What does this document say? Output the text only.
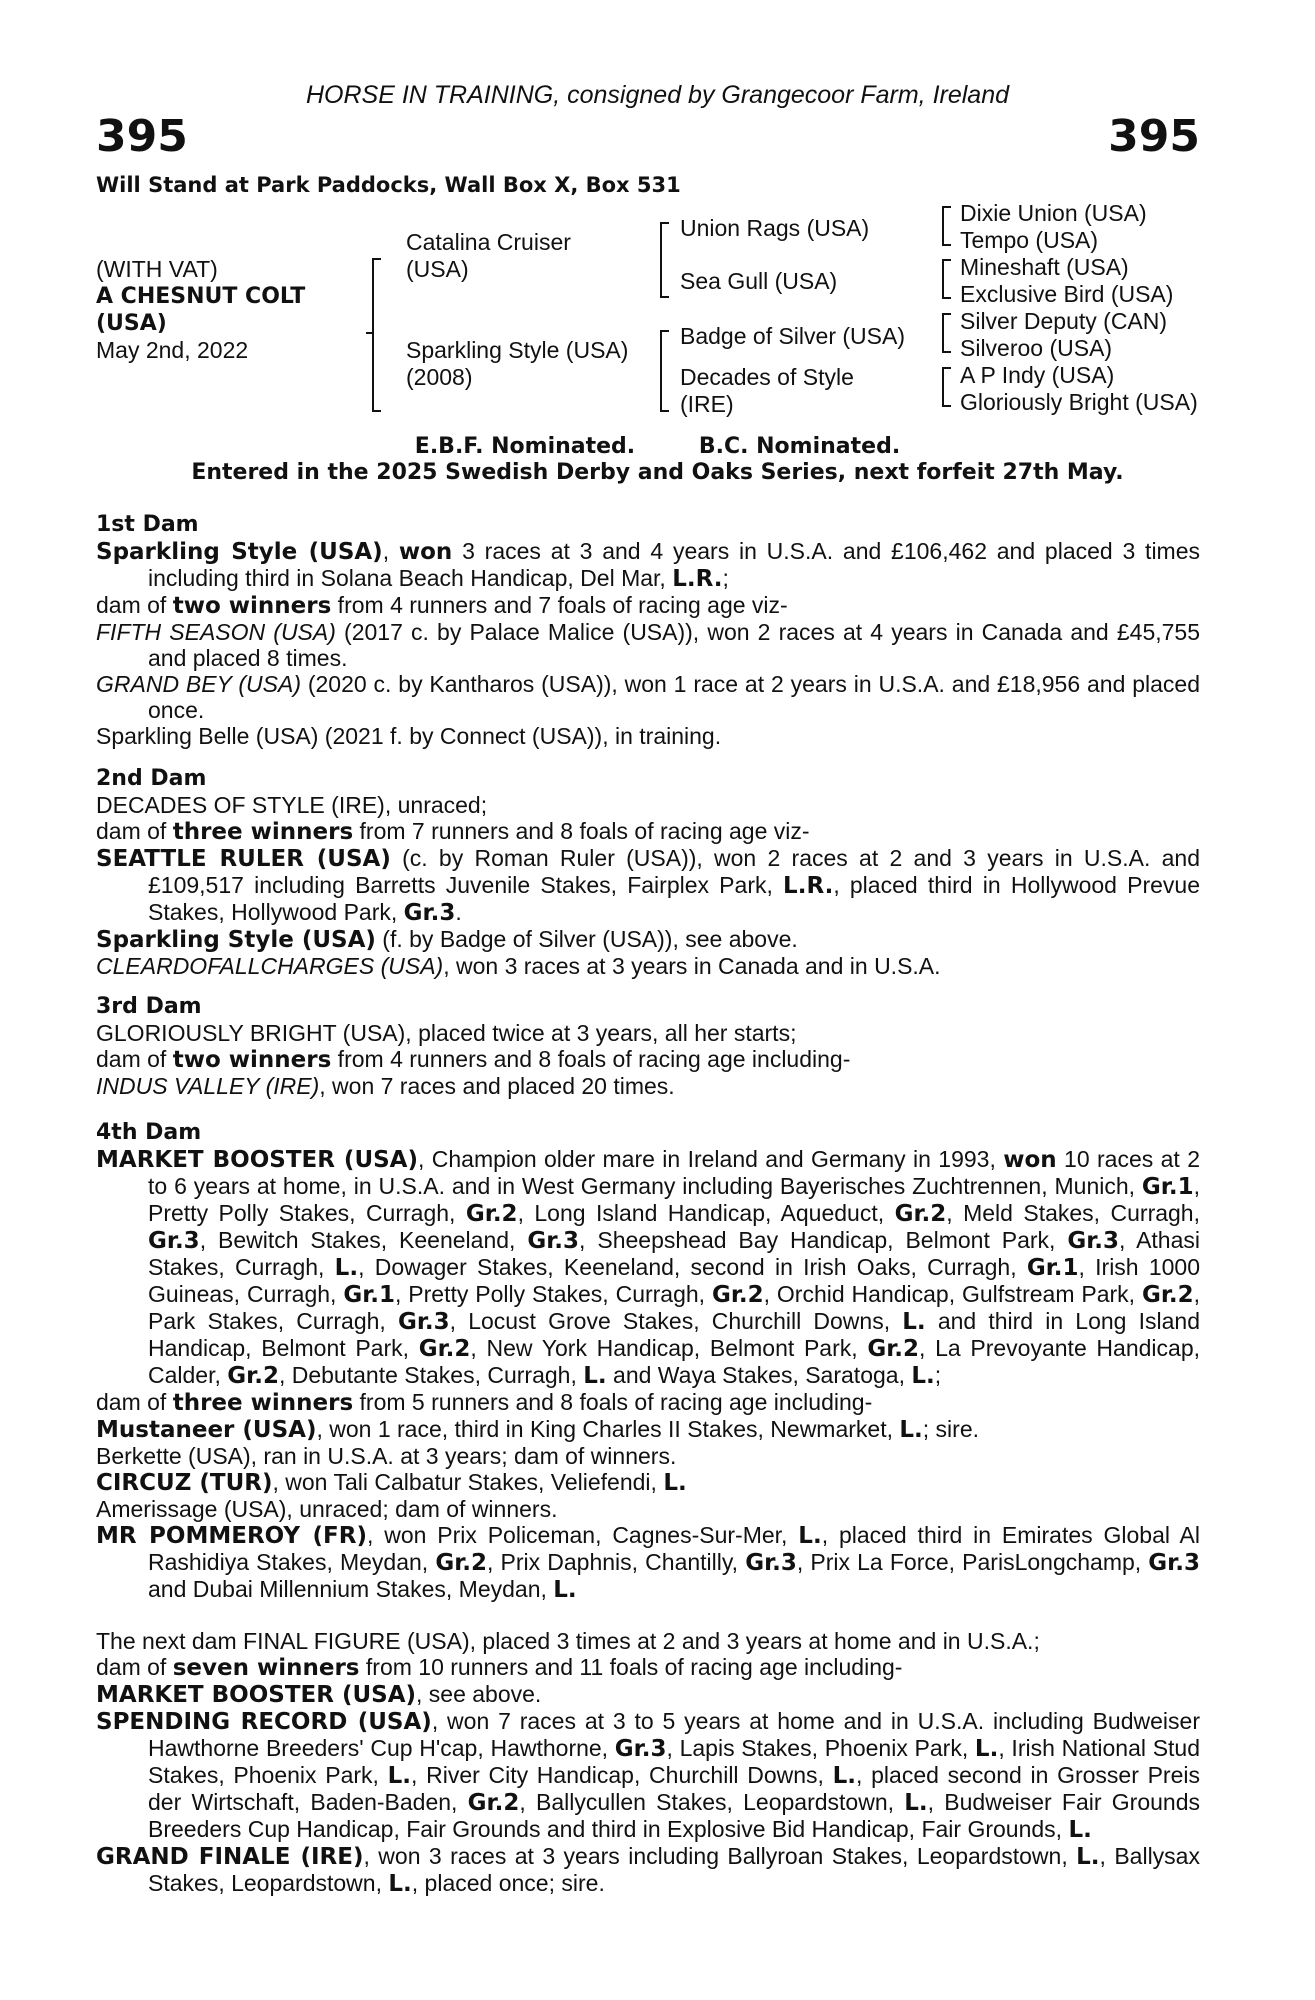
HORSE IN TRAINING, consigned by Grangecoor Farm, Ireland
395	395
Will Stand at Park Paddocks, Wall Box X, Box 531
(WITH VAT)
A CHESNUT COLT
(USA)
May 2nd, 2022
Catalina Cruiser
(USA)
Sparkling Style (USA)
(2008)
Union Rags (USA)
Sea Gull (USA)
Badge of Silver (USA)
Decades of Style
(IRE)
Dixie Union (USA)
Tempo (USA)
Mineshaft (USA)
Exclusive Bird (USA)
Silver Deputy (CAN)
Silveroo (USA)
A P Indy (USA)
Gloriously Bright (USA)
E.B.F. Nominated.	B.C. Nominated.
Entered in the 2025 Swedish Derby and Oaks Series, next forfeit 27th May.
1st Dam

Sparkling Style (USA), won 3 races at 3 and 4 years in U.S.A. and £106,462 and placed 3 times including third in Solana Beach Handicap, Del Mar, L.R.;

dam of two winners from 4 runners and 7 foals of racing age viz-

FIFTH SEASON (USA) (2017 c. by Palace Malice (USA)), won 2 races at 4 years in Canada and £45,755 and placed 8 times.

GRAND BEY (USA) (2020 c. by Kantharos (USA)), won 1 race at 2 years in U.S.A. and £18,956 and placed once.

Sparkling Belle (USA) (2021 f. by Connect (USA)), in training.

2nd Dam

DECADES OF STYLE (IRE), unraced;

dam of three winners from 7 runners and 8 foals of racing age viz-

SEATTLE RULER (USA) (c. by Roman Ruler (USA)), won 2 races at 2 and 3 years in U.S.A. and £109,517 including Barretts Juvenile Stakes, Fairplex Park, L.R., placed third in Hollywood Prevue Stakes, Hollywood Park, Gr.3.

Sparkling Style (USA) (f. by Badge of Silver (USA)), see above.

CLEARDOFALLCHARGES (USA), won 3 races at 3 years in Canada and in U.S.A.

3rd Dam

GLORIOUSLY BRIGHT (USA), placed twice at 3 years, all her starts;

dam of two winners from 4 runners and 8 foals of racing age including-

INDUS VALLEY (IRE), won 7 races and placed 20 times.

4th Dam

MARKET BOOSTER (USA), Champion older mare in Ireland and Germany in 1993, won 10 races at 2 to 6 years at home, in U.S.A. and in West Germany including Bayerisches Zuchtrennen, Munich, Gr.1, Pretty Polly Stakes, Curragh, Gr.2, Long Island Handicap, Aqueduct, Gr.2, Meld Stakes, Curragh, Gr.3, Bewitch Stakes, Keeneland, Gr.3, Sheepshead Bay Handicap, Belmont Park, Gr.3, Athasi Stakes, Curragh, L., Dowager Stakes, Keeneland, second in Irish Oaks, Curragh, Gr.1, Irish 1000 Guineas, Curragh, Gr.1, Pretty Polly Stakes, Curragh, Gr.2, Orchid Handicap, Gulfstream Park, Gr.2, Park Stakes, Curragh, Gr.3, Locust Grove Stakes, Churchill Downs, L. and third in Long Island Handicap, Belmont Park, Gr.2, New York Handicap, Belmont Park, Gr.2, La Prevoyante Handicap, Calder, Gr.2, Debutante Stakes, Curragh, L. and Waya Stakes, Saratoga, L.;

dam of three winners from 5 runners and 8 foals of racing age including-

Mustaneer (USA), won 1 race, third in King Charles II Stakes, Newmarket, L.; sire.

Berkette (USA), ran in U.S.A. at 3 years; dam of winners.

CIRCUZ (TUR), won Tali Calbatur Stakes, Veliefendi, L.

Amerissage (USA), unraced; dam of winners.

MR POMMEROY (FR), won Prix Policeman, Cagnes-Sur-Mer, L., placed third in Emirates Global Al Rashidiya Stakes, Meydan, Gr.2, Prix Daphnis, Chantilly, Gr.3, Prix La Force, ParisLongchamp, Gr.3 and Dubai Millennium Stakes, Meydan, L.

The next dam FINAL FIGURE (USA), placed 3 times at 2 and 3 years at home and in U.S.A.;

dam of seven winners from 10 runners and 11 foals of racing age including-

MARKET BOOSTER (USA), see above.

SPENDING RECORD (USA), won 7 races at 3 to 5 years at home and in U.S.A. including Budweiser Hawthorne Breeders' Cup H'cap, Hawthorne, Gr.3, Lapis Stakes, Phoenix Park, L., Irish National Stud Stakes, Phoenix Park, L., River City Handicap, Churchill Downs, L., placed second in Grosser Preis der Wirtschaft, Baden-Baden, Gr.2, Ballycullen Stakes, Leopardstown, L., Budweiser Fair Grounds Breeders Cup Handicap, Fair Grounds and third in Explosive Bid Handicap, Fair Grounds, L.

GRAND FINALE (IRE), won 3 races at 3 years including Ballyroan Stakes, Leopardstown, L., Ballysax Stakes, Leopardstown, L., placed once; sire.
